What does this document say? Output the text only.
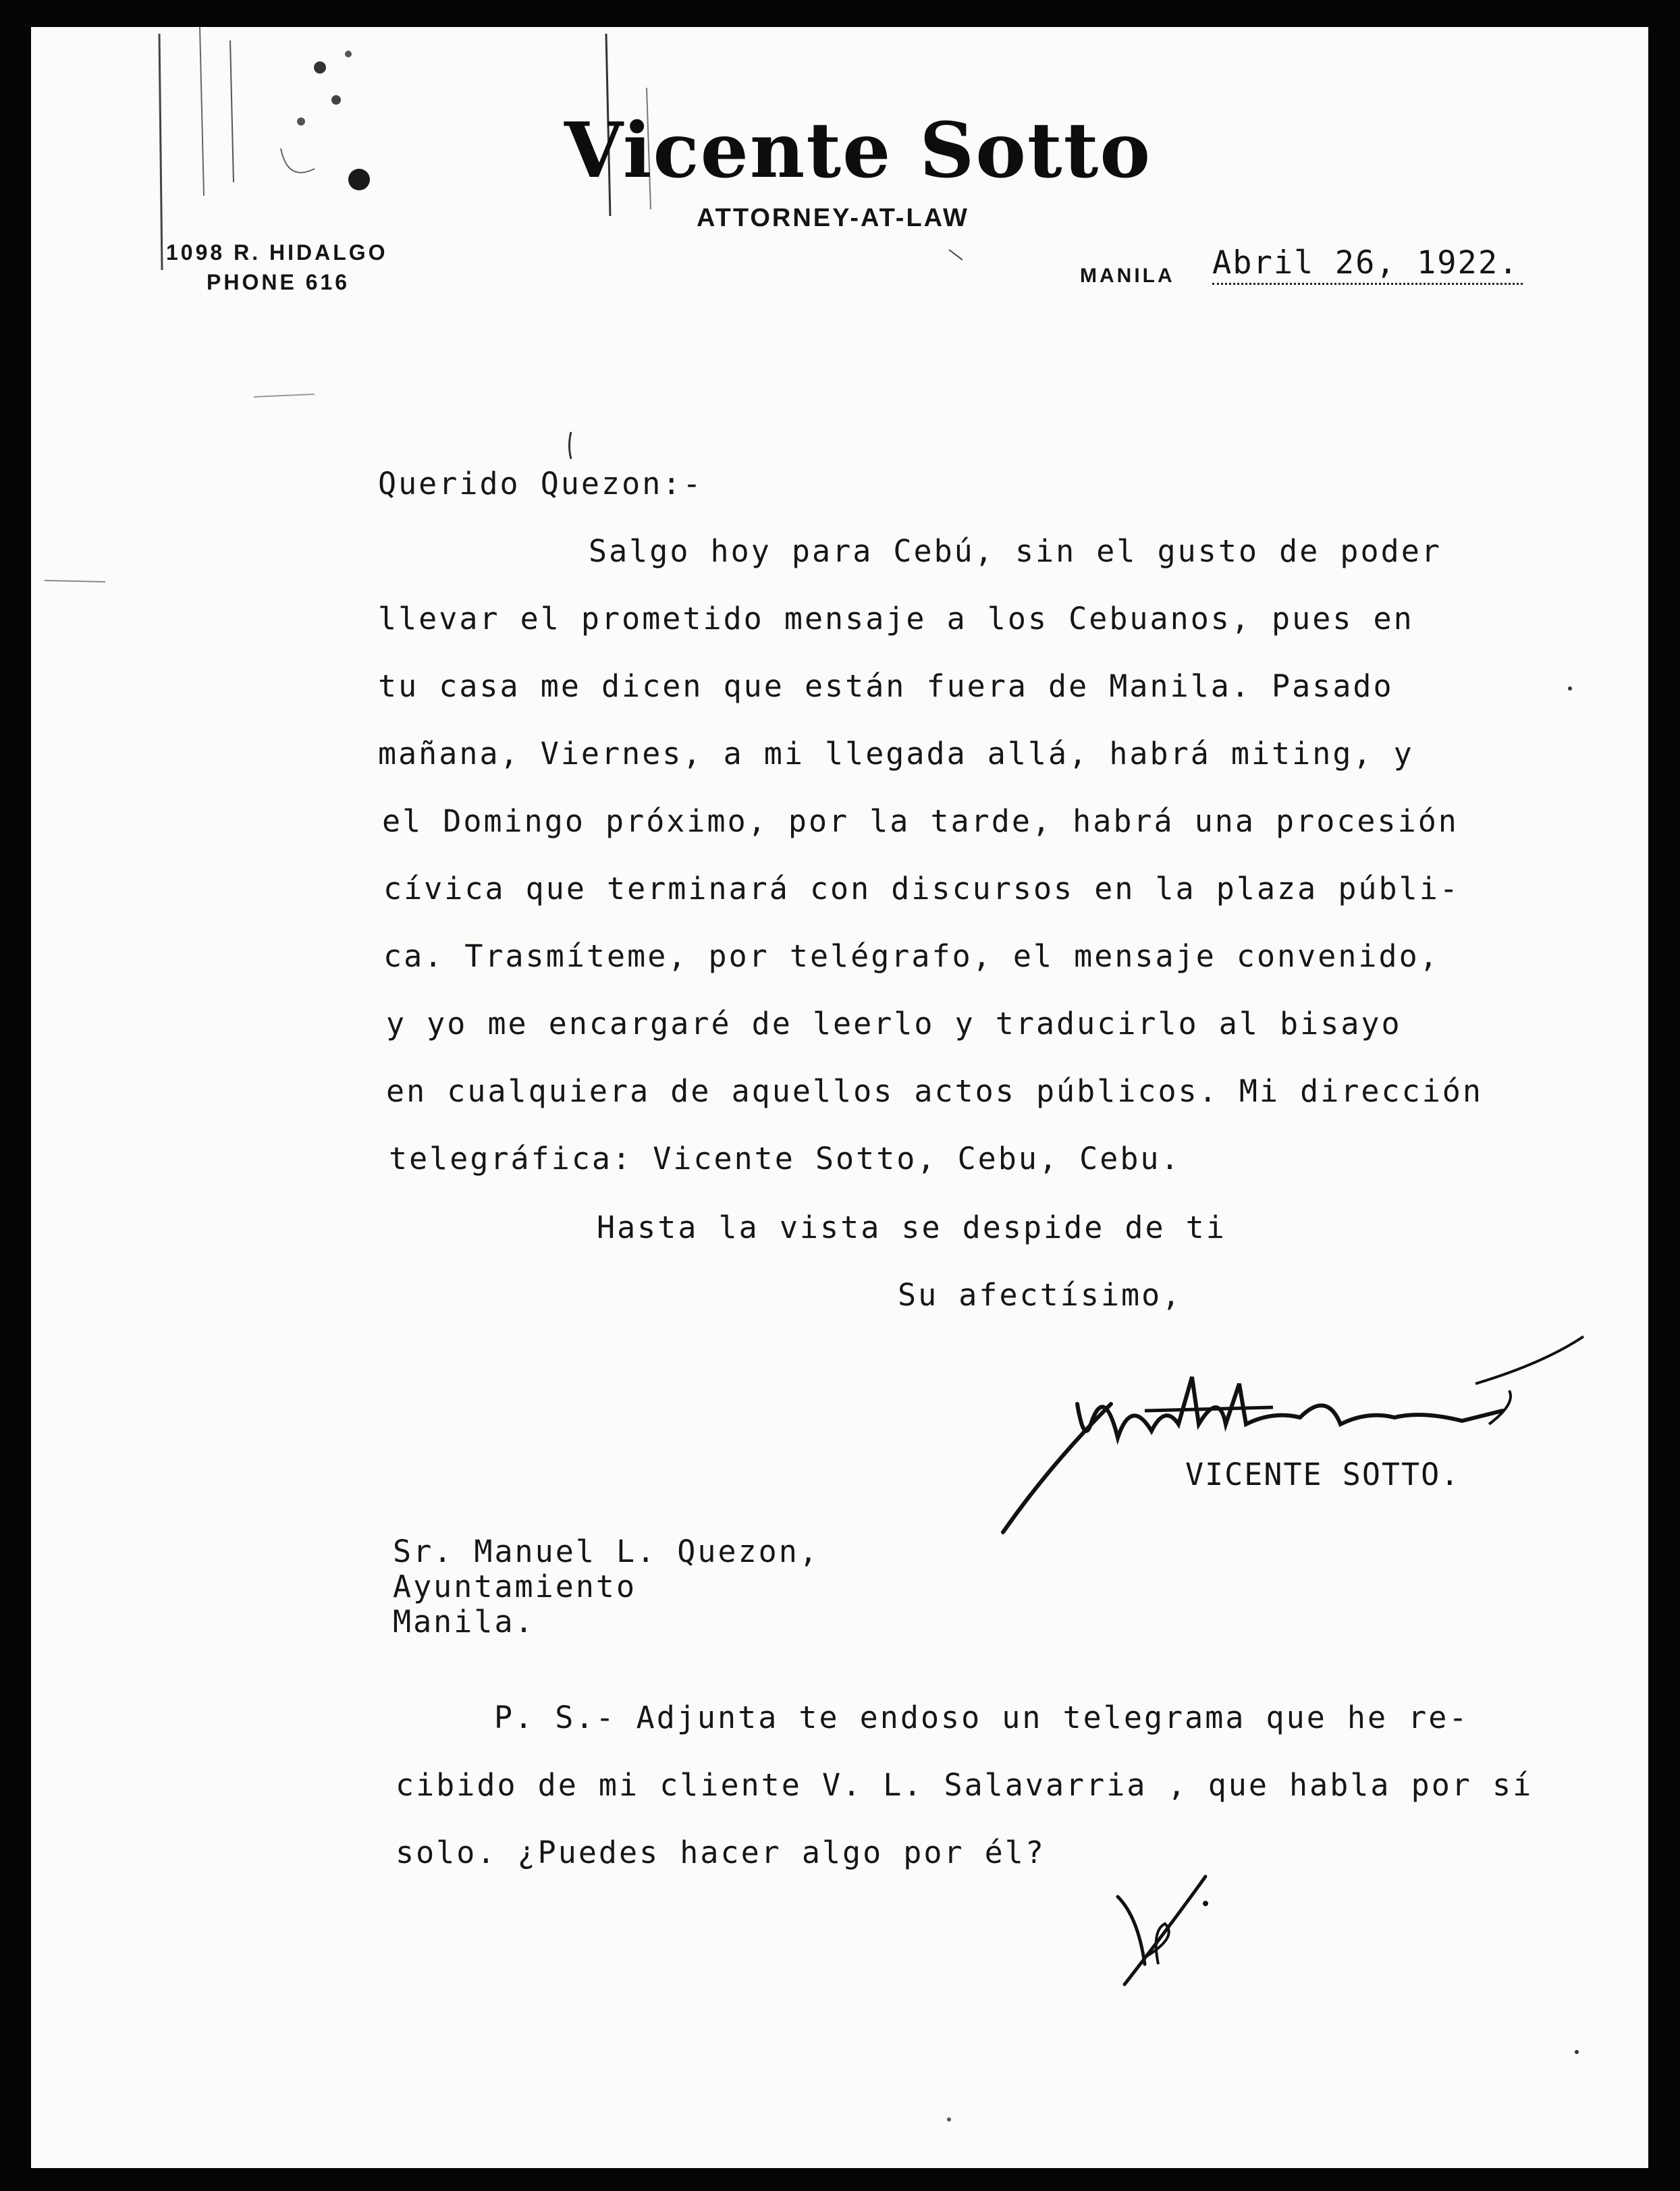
Vicente Sotto
ATTORNEY-AT-LAW
1098 R. HIDALGO
PHONE 616	MANILA Abril 26, 1922.
Querido Quezon:-
Salgo hoy para Cebú, sin el gusto de poder
llevar el prometido mensaje a los Cebuanos, pues en
tu casa me dicen que están fuera de Manila. Pasado
mañana, Viernes, a mi llegada allá, habrá miting, y
el Domingo próximo, por la tarde, habrá una procesión
cívica que terminará con discursos en la plaza públi-
ca. Trasmíteme, por telégrafo, el mensaje convenido,
y yo me encargaré de leerlo y traducirlo al bisayo
en cualquiera de aquellos actos públicos. Mi dirección
telegráfica: Vicente Sotto, Cebu, Cebu.
Hasta la vista se despide de ti
Su afectísimo,
VICENTE SOTTO.
Sr. Manuel L. Quezon,
Ayuntamiento
Manila.
P. S.- Adjunta te endoso un telegrama que he re-
cibido de mi cliente V. L. Salavarria , que habla por sí
solo. ¿Puedes hacer algo por él?
